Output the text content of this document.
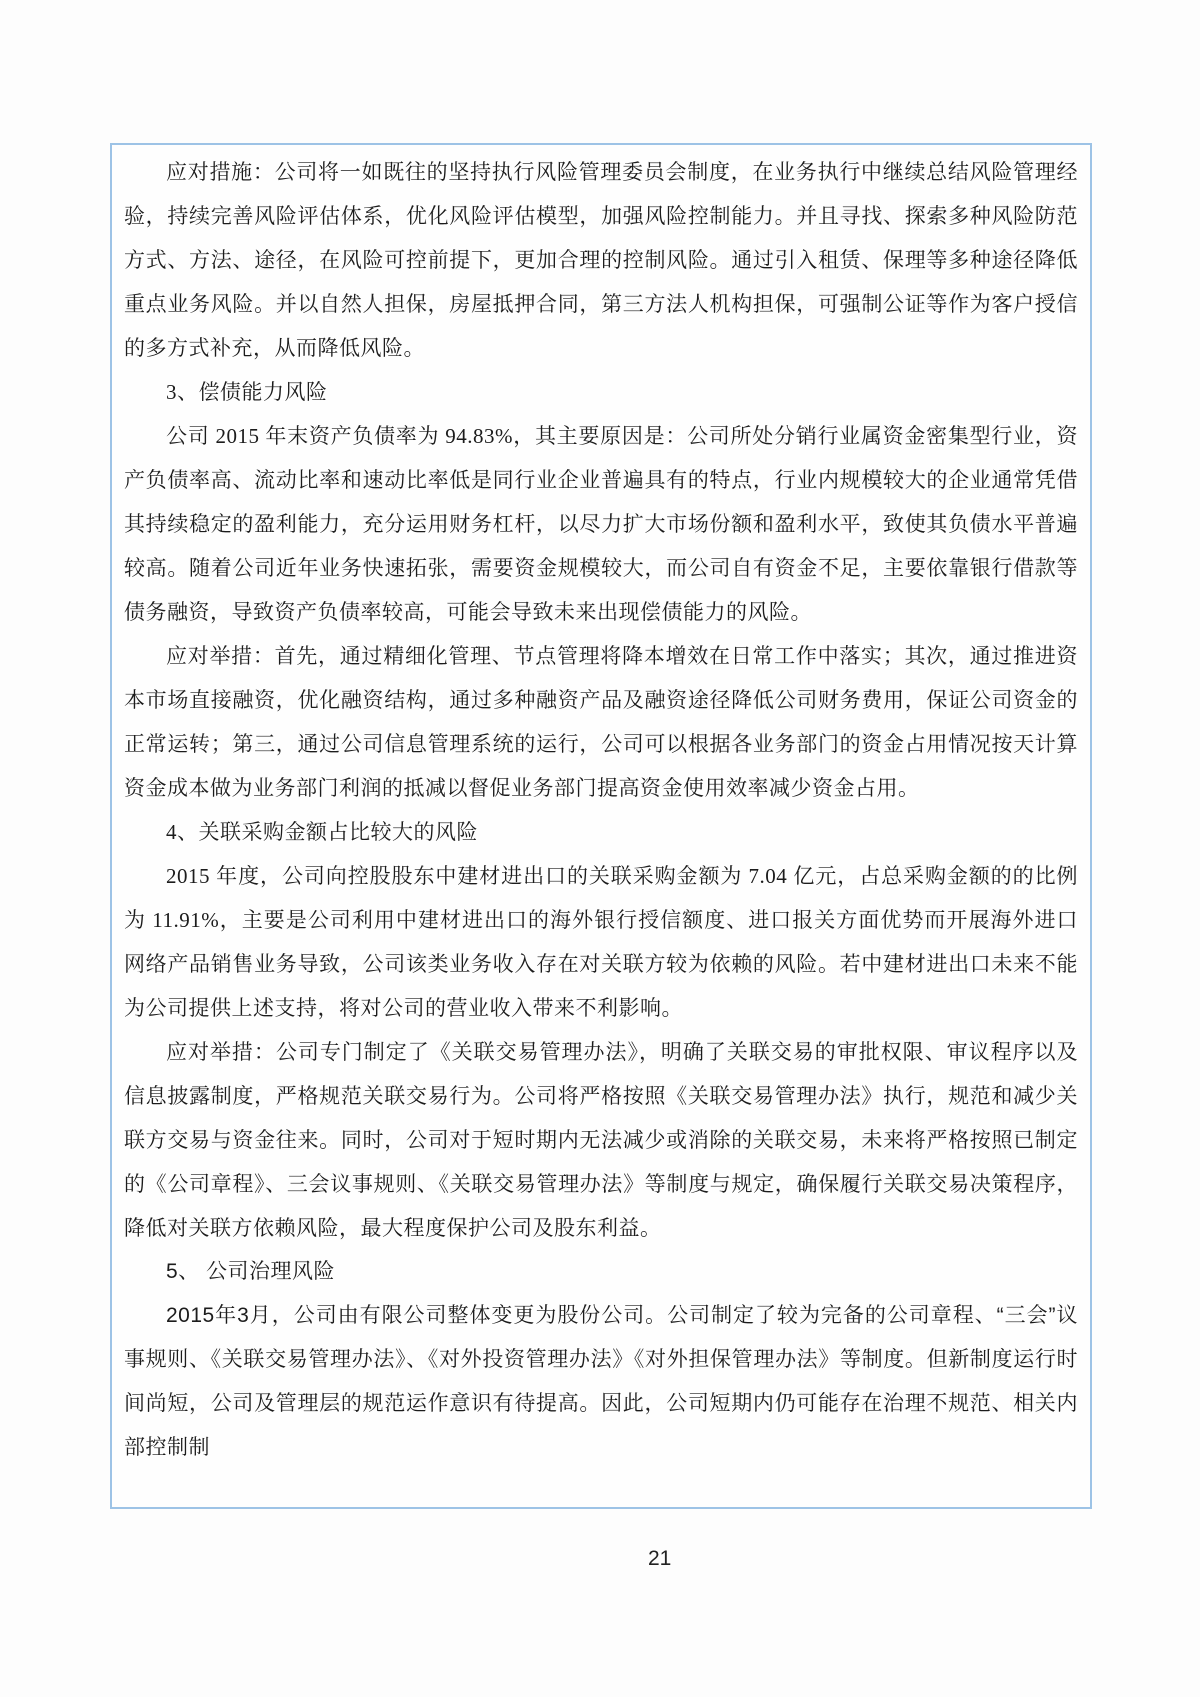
应对措施：公司将一如既往的坚持执行风险管理委员会制度，在业务执行中继续总结风险管理经验，持续完善风险评估体系，优化风险评估模型，加强风险控制能力。并且寻找、探索多种风险防范方式、方法、途径，在风险可控前提下，更加合理的控制风险。通过引入租赁、保理等多种途径降低重点业务风险。并以自然人担保，房屋抵押合同，第三方法人机构担保，可强制公证等作为客户授信的多方式补充，从而降低风险。

3、偿债能力风险

公司 2015 年末资产负债率为 94.83%，其主要原因是：公司所处分销行业属资金密集型行业，资产负债率高、流动比率和速动比率低是同行业企业普遍具有的特点，行业内规模较大的企业通常凭借其持续稳定的盈利能力，充分运用财务杠杆，以尽力扩大市场份额和盈利水平，致使其负债水平普遍较高。随着公司近年业务快速拓张，需要资金规模较大，而公司自有资金不足，主要依靠银行借款等债务融资，导致资产负债率较高，可能会导致未来出现偿债能力的风险。

应对举措：首先，通过精细化管理、节点管理将降本增效在日常工作中落实；其次，通过推进资本市场直接融资，优化融资结构，通过多种融资产品及融资途径降低公司财务费用，保证公司资金的正常运转；第三，通过公司信息管理系统的运行，公司可以根据各业务部门的资金占用情况按天计算资金成本做为业务部门利润的抵减以督促业务部门提高资金使用效率减少资金占用。

4、关联采购金额占比较大的风险

2015 年度，公司向控股股东中建材进出口的关联采购金额为 7.04 亿元，占总采购金额的的比例为 11.91%，主要是公司利用中建材进出口的海外银行授信额度、进口报关方面优势而开展海外进口网络产品销售业务导致，公司该类业务收入存在对关联方较为依赖的风险。若中建材进出口未来不能为公司提供上述支持，将对公司的营业收入带来不利影响。

应对举措：公司专门制定了《关联交易管理办法》，明确了关联交易的审批权限、审议程序以及信息披露制度，严格规范关联交易行为。公司将严格按照《关联交易管理办法》执行，规范和减少关联方交易与资金往来。同时，公司对于短时期内无法减少或消除的关联交易，未来将严格按照已制定的《公司章程》、三会议事规则、《关联交易管理办法》等制度与规定，确保履行关联交易决策程序，降低对关联方依赖风险，最大程度保护公司及股东利益。

5、 公司治理风险

2015年3月，公司由有限公司整体变更为股份公司。公司制定了较为完备的公司章程、“三会”议事规则、《关联交易管理办法》、《对外投资管理办法》《对外担保管理办法》等制度。但新制度运行时间尚短，公司及管理层的规范运作意识有待提高。因此，公司短期内仍可能存在治理不规范、相关内部控制制

21
